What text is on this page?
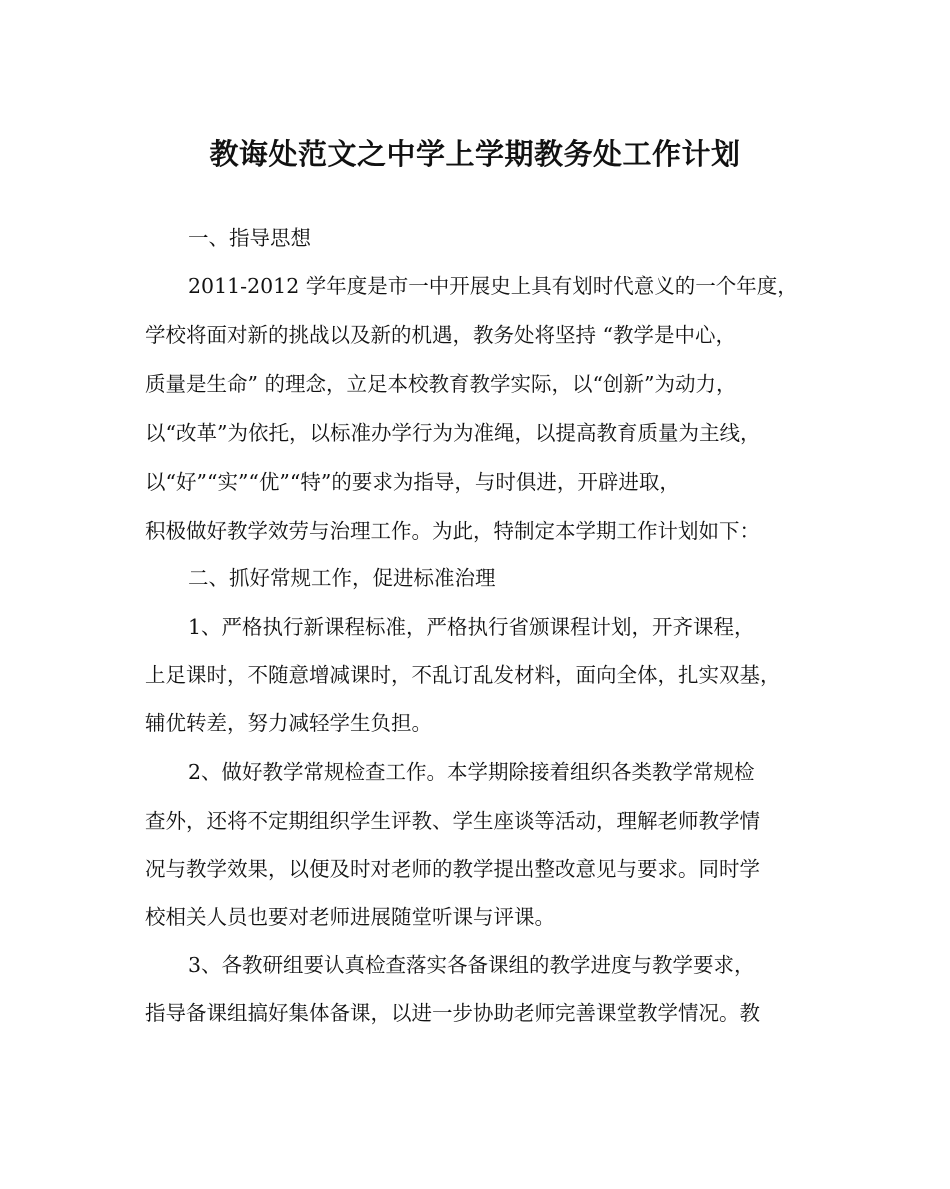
教诲处范文之中学上学期教务处工作计划
一、指导思想
2011-2012 学年度是市一中开展史上具有划时代意义的一个年度，
学校将面对新的挑战以及新的机遇，教务处将坚持 “教学是中心，
质量是生命” 的理念，立足本校教育教学实际，以“创新”为动力，
以“改革”为依托，以标准办学行为为准绳，以提高教育质量为主线，
以“好”“实”“优”“特”的要求为指导，与时俱进，开辟进取，
积极做好教学效劳与治理工作。为此，特制定本学期工作计划如下：
二、抓好常规工作，促进标准治理
1、严格执行新课程标准，严格执行省颁课程计划，开齐课程，
上足课时，不随意增减课时，不乱订乱发材料，面向全体，扎实双基，
辅优转差，努力减轻学生负担。
2、做好教学常规检查工作。本学期除接着组织各类教学常规检
查外，还将不定期组织学生评教、学生座谈等活动，理解老师教学情
况与教学效果，以便及时对老师的教学提出整改意见与要求。同时学
校相关人员也要对老师进展随堂听课与评课。
3、各教研组要认真检查落实各备课组的教学进度与教学要求，
指导备课组搞好集体备课，以进一步协助老师完善课堂教学情况。教
